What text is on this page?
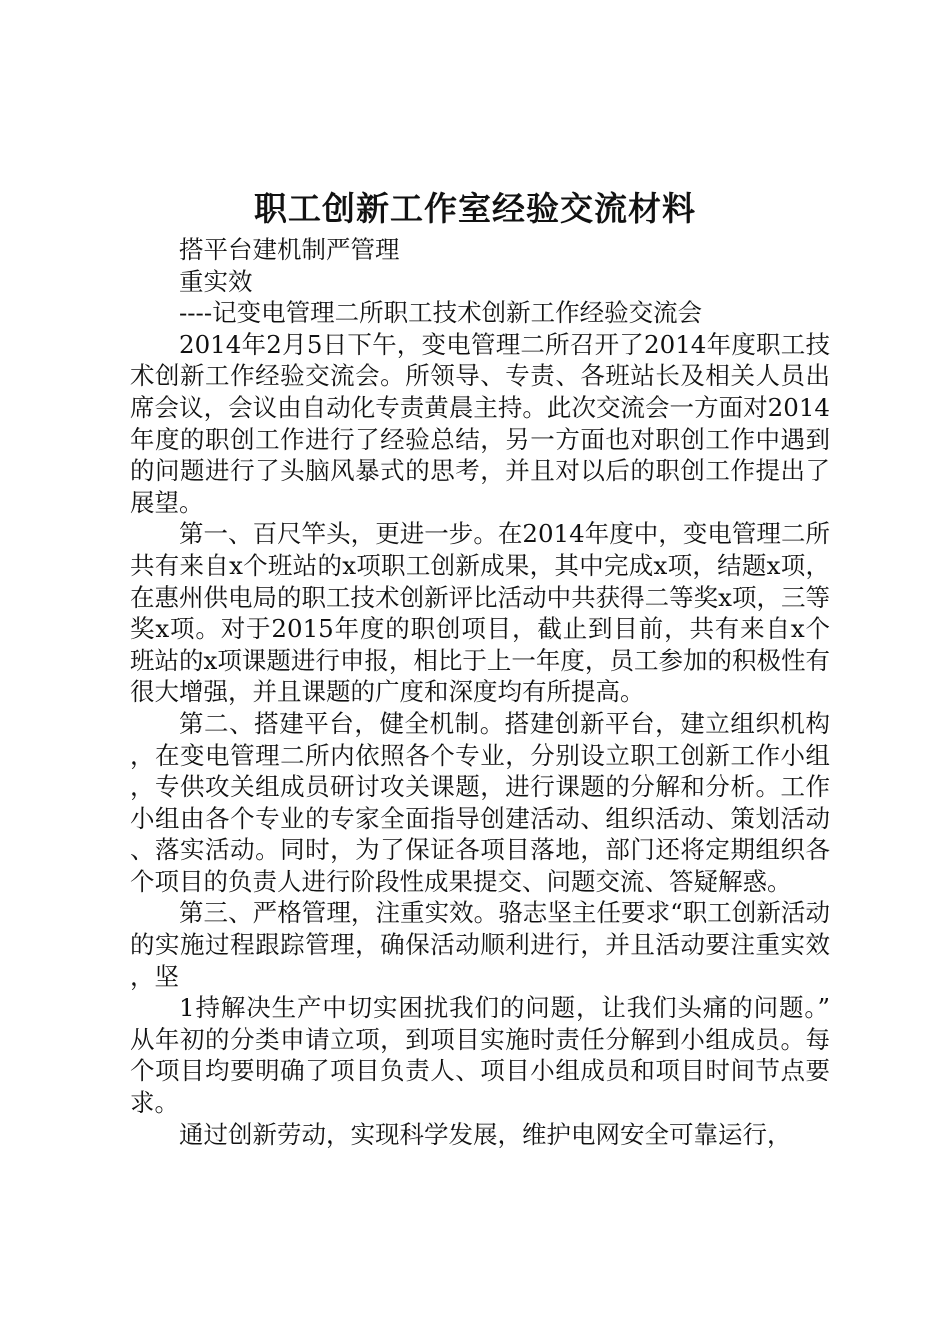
职工创新工作室经验交流材料

搭平台建机制严管理

重实效

----记变电管理二所职工技术创新工作经验交流会

2014年2月5日下午，变电管理二所召开了2014年度职工技术创新工作经验交流会。所领导、专责、各班站长及相关人员出席会议，会议由自动化专责黄晨主持。此次交流会一方面对2014年度的职创工作进行了经验总结，另一方面也对职创工作中遇到的问题进行了头脑风暴式的思考，并且对以后的职创工作提出了展望。

第一、百尺竿头，更进一步。在2014年度中，变电管理二所共有来自x个班站的x项职工创新成果，其中完成x项，结题x项，在惠州供电局的职工技术创新评比活动中共获得二等奖x项，三等奖x项。对于2015年度的职创项目，截止到目前，共有来自x个班站的x项课题进行申报，相比于上一年度，员工参加的积极性有很大增强，并且课题的广度和深度均有所提高。

第二、搭建平台，健全机制。搭建创新平台，建立组织机构，在变电管理二所内依照各个专业，分别设立职工创新工作小组，专供攻关组成员研讨攻关课题，进行课题的分解和分析。工作小组由各个专业的专家全面指导创建活动、组织活动、策划活动、落实活动。同时，为了保证各项目落地，部门还将定期组织各个项目的负责人进行阶段性成果提交、问题交流、答疑解惑。

第三、严格管理，注重实效。骆志坚主任要求“职工创新活动的实施过程跟踪管理，确保活动顺利进行，并且活动要注重实效，坚

1持解决生产中切实困扰我们的问题，让我们头痛的问题。”从年初的分类申请立项，到项目实施时责任分解到小组成员。每个项目均要明确了项目负责人、项目小组成员和项目时间节点要求。

通过创新劳动，实现科学发展，维护电网安全可靠运行，
